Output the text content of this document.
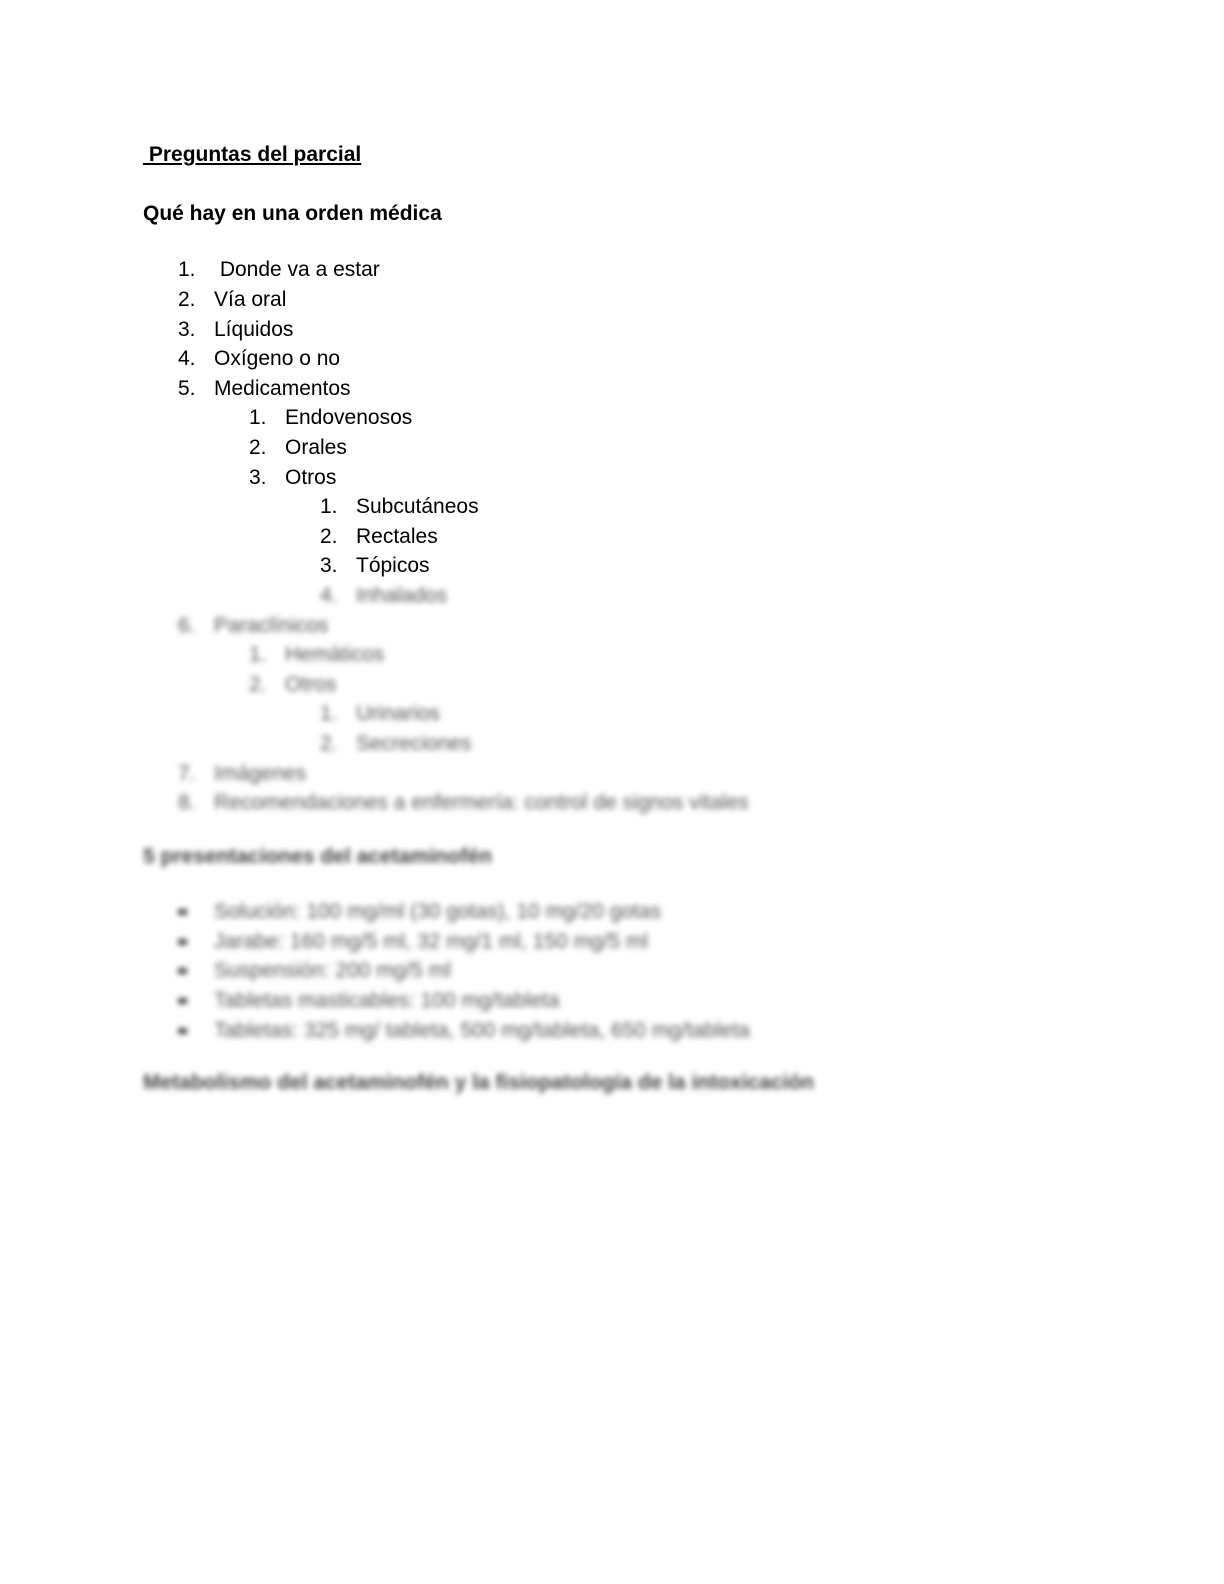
Preguntas del parcial
Qué hay en una orden médica
1. Donde va a estar
2. Vía oral
3. Líquidos
4. Oxígeno o no
5. Medicamentos
1. Endovenosos
2. Orales
3. Otros
1. Subcutáneos
2. Rectales
3. Tópicos
4. Inhalados
6. Paraclínicos
1. Hemáticos
2. Otros
1. Urinarios
2. Secreciones
7. Imágenes
8. Recomendaciones a enfermería: control de signos vitales
5 presentaciones del acetaminofén
Solución: 100 mg/ml (30 gotas), 10 mg/20 gotas
Jarabe: 160 mg/5 ml, 32 mg/1 ml, 150 mg/5 ml
Suspensión: 200 mg/5 ml
Tabletas masticables: 100 mg/tableta
Tabletas: 325 mg/ tableta, 500 mg/tableta, 650 mg/tableta
Metabolismo del acetaminofén y la fisiopatología de la intoxicación
